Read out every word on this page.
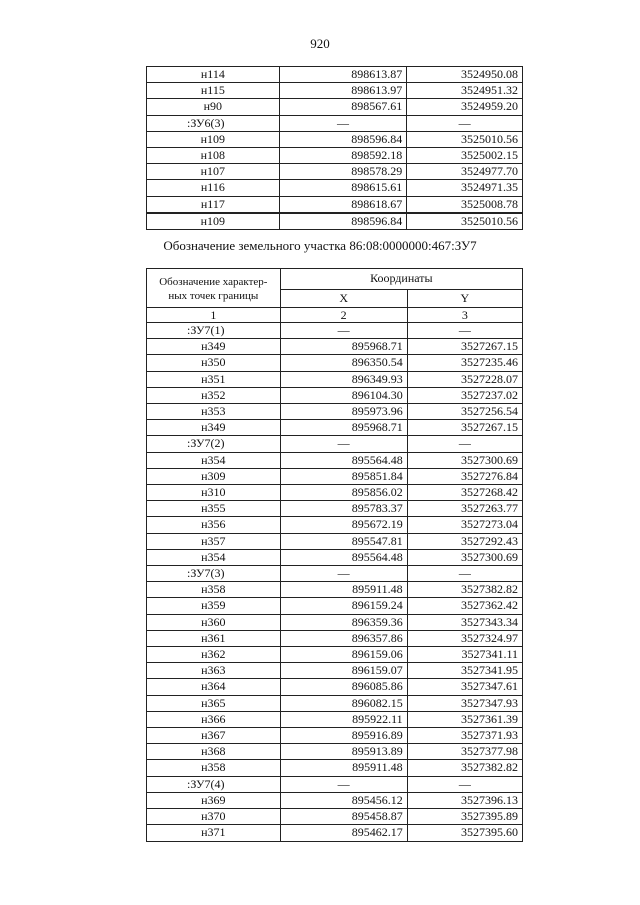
920
н114	898613.87	3524950.08
н115	898613.97	3524951.32
н90	898567.61	3524959.20
:ЗУ6(3)	—	—
н109	898596.84	3525010.56
н108	898592.18	3525002.15
н107	898578.29	3524977.70
н116	898615.61	3524971.35
н117	898618.67	3525008.78
н109	898596.84	3525010.56
Обозначение земельного участка 86:08:0000000:467:ЗУ7
Обозначение характер-
ных точек границы	Координаты	
	X	Y
1	2	3
:ЗУ7(1)	—	—
н349	895968.71	3527267.15
н350	896350.54	3527235.46
н351	896349.93	3527228.07
н352	896104.30	3527237.02
н353	895973.96	3527256.54
н349	895968.71	3527267.15
:ЗУ7(2)	—	—
н354	895564.48	3527300.69
н309	895851.84	3527276.84
н310	895856.02	3527268.42
н355	895783.37	3527263.77
н356	895672.19	3527273.04
н357	895547.81	3527292.43
н354	895564.48	3527300.69
:ЗУ7(3)	—	—
н358	895911.48	3527382.82
н359	896159.24	3527362.42
н360	896359.36	3527343.34
н361	896357.86	3527324.97
н362	896159.06	3527341.11
н363	896159.07	3527341.95
н364	896085.86	3527347.61
н365	896082.15	3527347.93
н366	895922.11	3527361.39
н367	895916.89	3527371.93
н368	895913.89	3527377.98
н358	895911.48	3527382.82
:ЗУ7(4)	—	—
н369	895456.12	3527396.13
н370	895458.87	3527395.89
н371	895462.17	3527395.60
